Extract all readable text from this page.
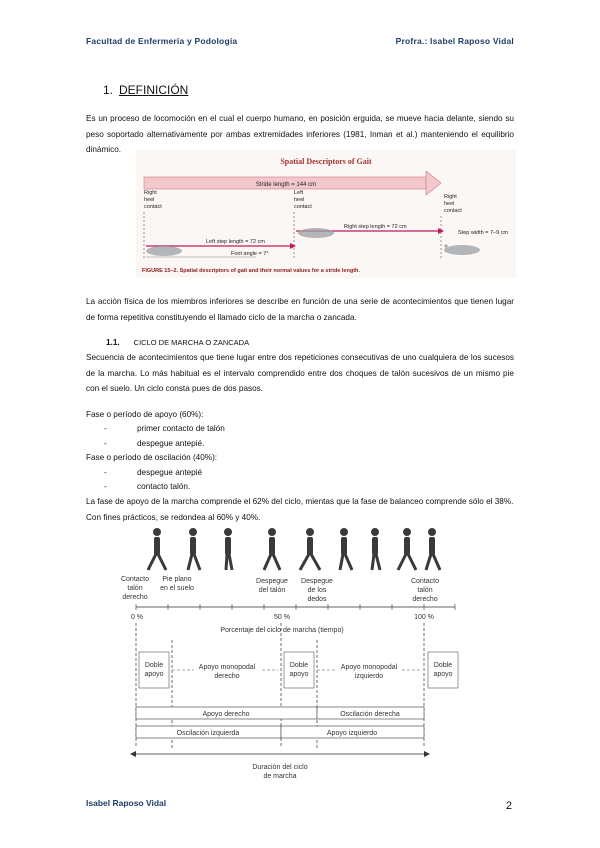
Facultad de Enfermería y Podología	Profra.: Isabel Raposo Vidal
1. DEFINICIÓN
Es un proceso de locomoción en el cual el cuerpo humano, en posición erguida, se mueve hacia delante, siendo su peso soportado alternativamente por ambas extremidades inferiores (1981, Inman et al.) manteniendo el equilibrio dinámico.
Spatial Descriptors of Gait
Stride length = 144 cm
Right
heel
contact
Left
heel
contact
Right
heel
contact
Right step length = 72 cm
Left step length = 72 cm
Foot angle = 7°
Step width = 7–9 cm
FIGURE 15–2. Spatial descriptors of gait and their normal values for a stride length.
La acción física de los miembros inferiores se describe en función de una serie de acontecimientos que tienen lugar de forma repetitiva constituyendo el llamado ciclo de la marcha o zancada.
1.1. CICLO DE MARCHA O ZANCADA
Secuencia de acontecimientos que tiene lugar entre dos repeticiones consecutivas de uno cualquiera de los sucesos de la marcha. Lo más habitual es el intervalo comprendido entre dos choques de talón sucesivos de un mismo pie con el suelo. Un ciclo consta pues de dos pasos.
Fase o período de apoyo (60%):
-	primer contacto de talón
-	despegue antepié.
Fase o período de oscilación (40%):
-	despegue antepié
-	contacto talón.
La fase de apoyo de la marcha comprende el 62% del ciclo, mientas que la fase de balanceo comprende sólo el 38%. Con fines prácticos, se redondea al 60% y 40%.
Contacto
talón
derecho
Pie plano
en el suelo
Despegue
del talón
Despegue
de los
dedos
Contacto
talón
derecho
0 %	50 %	100 %
Porcentaje del ciclo de marcha (tiempo)
Doble
apoyo
Apoyo monopodal
derecho
Doble
apoyo
Apoyo monopodal
izquierdo
Doble
apoyo
Apoyo derecho	Oscilación derecha
Oscilación izquierda	Apoyo izquierdo
Duración del ciclo
de marcha
Isabel Raposo Vidal	2
